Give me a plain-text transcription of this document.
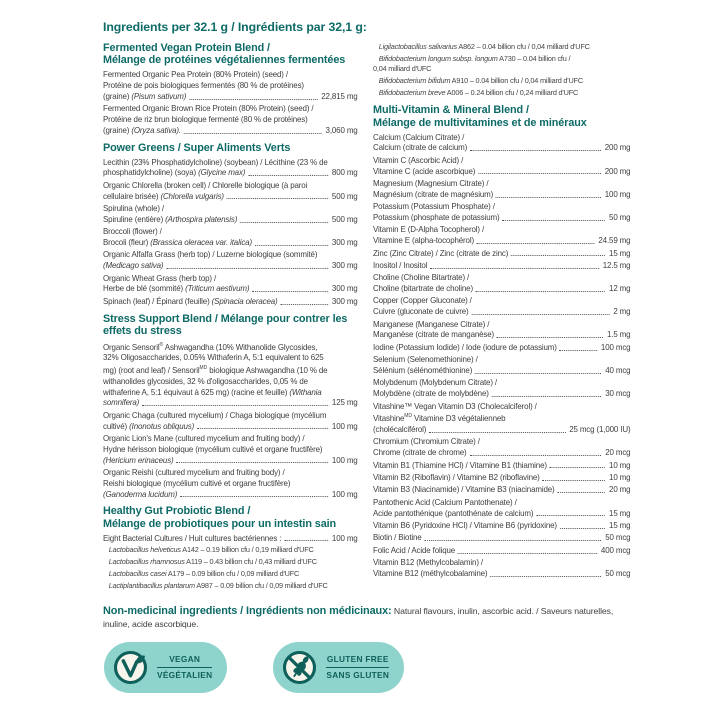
Ingredients per 32.1 g / Ingrédients par 32,1 g:
Fermented Vegan Protein Blend /
Mélange de protéines végétaliennes fermentées
Fermented Organic Pea Protein (80% Protein) (seed) /
Protéine de pois biologiques fermentés (80 % de protéines)
(graine) (Pisum sativum)	22,815 mg
Fermented Organic Brown Rice Protein (80% Protein) (seed) /
Protéine de riz brun biologique fermenté (80 % de protéines)
(graine) (Oryza sativa).	3,060 mg
Power Greens / Super Aliments Verts
Lecithin (23% Phosphatidylcholine) (soybean) / Lécithine (23 % de
phosphatidylcholine) (soya) (Glycine max)	800 mg
Organic Chlorella (broken cell) / Chlorelle biologique (à paroi
cellulaire brisée) (Chlorella vulgaris)	500 mg
Spirulina (whole) /
Spiruline (entière) (Arthospira platensis)	500 mg
Broccoli (flower) /
Brocoli (fleur) (Brassica oleracea var. italica)	300 mg
Organic Alfalfa Grass (herb top) / Luzerne biologique (sommité)
(Medicago sativa)	300 mg
Organic Wheat Grass (herb top) /
Herbe de blé (sommité) (Triticum aestivum)	300 mg
Spinach (leaf) / Épinard (feuille) (Spinacia oleracea)	300 mg
Stress Support Blend / Mélange pour contrer les
effets du stress
Organic Sensoril® Ashwagandha (10% Withanolide Glycosides,
32% Oligosaccharides, 0.05% Withaferin A, 5:1 equivalent to 625
mg) (root and leaf) / Sensoril$^{MD}$ biologique Ashwagandha (10 % de
withanolides glycosides, 32 % d'oligosaccharides, 0,05 % de
withaferine A, 5:1 équivaut à 625 mg) (racine et feuille) (Withania
somnifera)	125 mg
Organic Chaga (cultured mycelium) / Chaga biologique (mycélium
cultivé) (Inonotus obliquus)	100 mg
Organic Lion's Mane (cultured mycelium and fruiting body) /
Hydne hérisson biologique (mycélium cultivé et organe fructifère)
(Hericium erinaceus)	100 mg
Organic Reishi (cultured mycelium and fruiting body) /
Reishi biologique (mycélium cultivé et organe fructifère)
(Ganoderma lucidum)	100 mg
Healthy Gut Probiotic Blend /
Mélange de probiotiques pour un intestin sain
Eight Bacterial Cultures / Huit cultures bactériennes :	100 mg
Lactobacillus helveticus A142 – 0.19 billion cfu / 0,19 milliard d'UFC
Lactobacillus rhamnosus A119 – 0.43 billion cfu / 0,43 milliard d'UFC
Lactobacillus casei A179 – 0.09 billion cfu / 0,09 milliard d'UFC
Lactiplantibacillus plantarum A987 – 0.09 billion cfu / 0,09 milliard d'UFC
Ligilactobacillus salivarius A862 – 0.04 billion cfu / 0,04 milliard d'UFC
Bifidobacterium longum subsp. longum A730 – 0.04 billion cfu /
0,04 milliard d'UFC
Bifidobacterium bifidum A910 – 0.04 billion cfu / 0,04 milliard d'UFC
Bifidobacterium breve A006 – 0.24 billion cfu / 0,24 milliard d'UFC
Multi-Vitamin & Mineral Blend /
Mélange de multivitamines et de minéraux
Calcium (Calcium Citrate) /
Calcium (citrate de calcium)	200 mg
Vitamin C (Ascorbic Acid) /
Vitamine C (acide ascorbique)	200 mg
Magnesium (Magnesium Citrate) /
Magnésium (citrate de magnésium)	100 mg
Potassium (Potassium Phosphate) /
Potassium (phosphate de potassium)	50 mg
Vitamin E (D-Alpha Tocopherol) /
Vitamine E (alpha-tocophérol)	24.59 mg
Zinc (Zinc Citrate) / Zinc (citrate de zinc)	15 mg
Inositol / Inositol	12.5 mg
Choline (Choline Bitartrate) /
Choline (bitartrate de choline)	12 mg
Copper (Copper Gluconate) /
Cuivre (gluconate de cuivre)	2 mg
Manganese (Manganese Citrate) /
Manganèse (citrate de manganèse)	1.5 mg
Iodine (Potassium Iodide) / Iode (iodure de potassium)	100 mcg
Selenium (Selenomethionine) /
Sélénium (sélénométhionine)	40 mcg
Molybdenum (Molybdenum Citrate) /
Molybdène (citrate de molybdène)	30 mcg
Vitashine™ Vegan Vitamin D3 (Cholecalciferol) /
Vitashine$^{MD}$ Vitamine D3 végétalienneb
(cholécalciférol)	25 mcg (1,000 IU)
Chromium (Chromium Citrate) /
Chrome (citrate de chrome)	20 mcg
Vitamin B1 (Thiamine HCl) / Vitamine B1 (thiamine)	10 mg
Vitamin B2 (Riboflavin) / Vitamine B2 (riboflavine)	10 mg
Vitamin B3 (Niacinamide) / Vitamine B3 (niacinamide)	20 mg
Pantothenic Acid (Calcium Pantothenate) /
Acide pantothénique (pantothénate de calcium)	15 mg
Vitamin B6 (Pyridoxine HCl) / Vitamine B6 (pyridoxine)	15 mg
Biotin / Biotine	50 mcg
Folic Acid / Acide folique	400 mcg
Vitamin B12 (Methylcobalamin) /
Vitamine B12 (méthylcobalamine)	50 mcg
Non-medicinal ingredients / Ingrédients non médicinaux: Natural flavours, inulin, ascorbic acid. / Saveurs naturelles, inuline, acide ascorbique.
VEGAN
VÉGÉTALIEN
GLUTEN FREE
SANS GLUTEN
